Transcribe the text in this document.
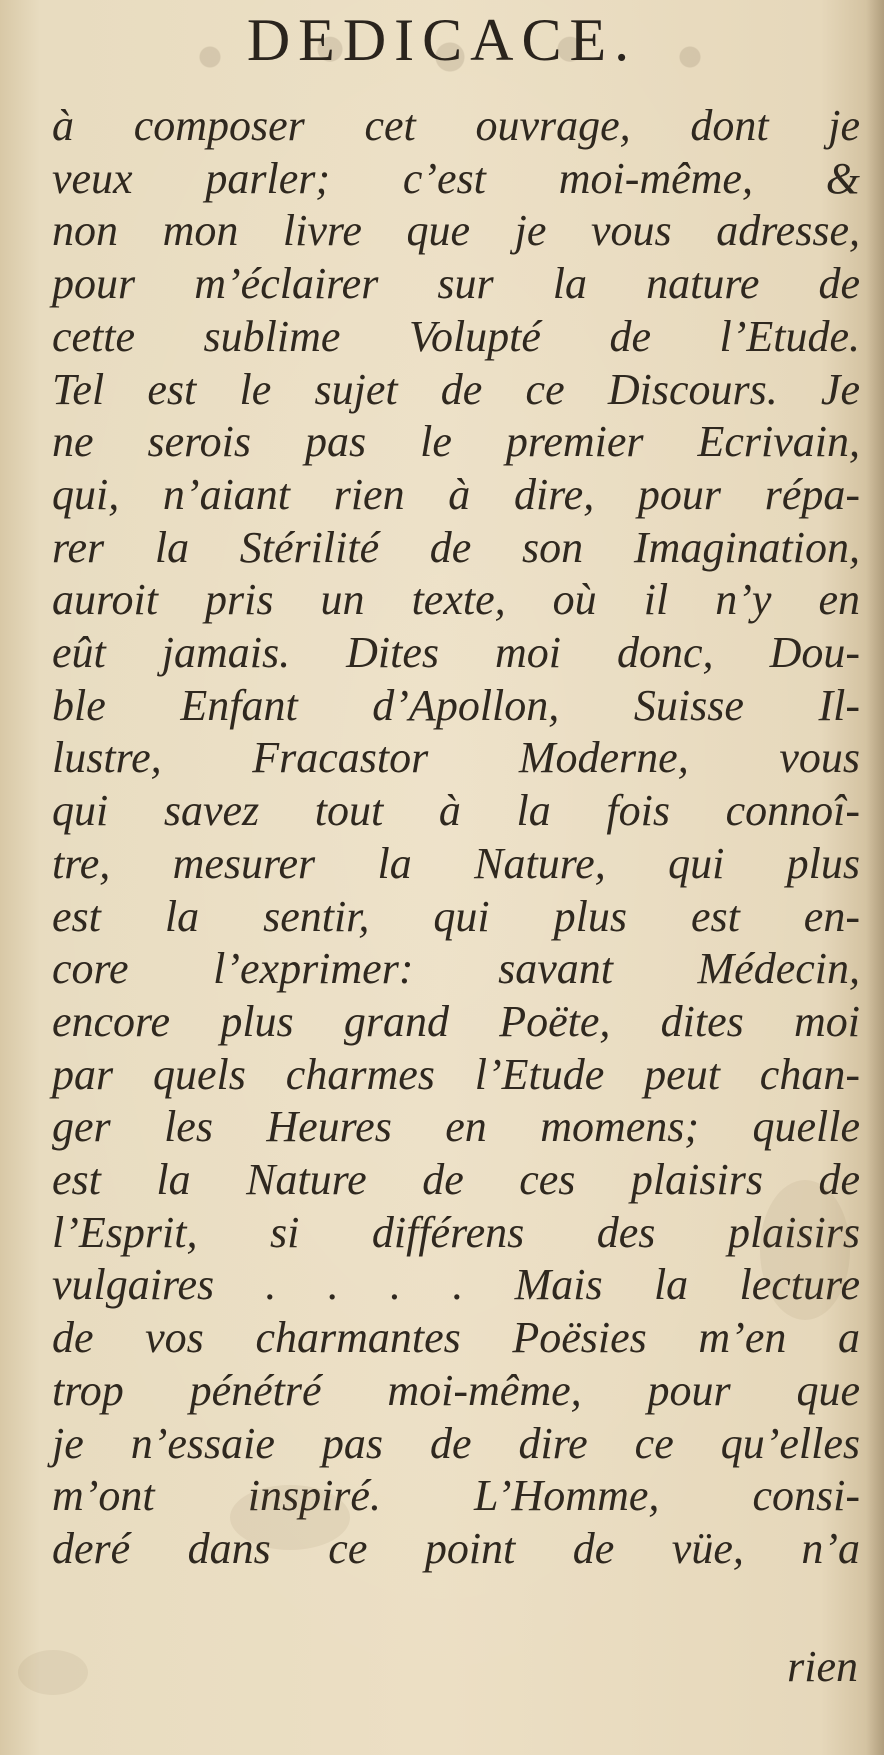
DEDICACE.
à composer cet ouvrage, dont je
veux parler; c’est moi-même, &
non mon livre que je vous adresse,
pour m’éclairer sur la nature de
cette sublime Volupté de l’Etude.
Tel est le sujet de ce Discours. Je
ne serois pas le premier Ecrivain,
qui, n’aiant rien à dire, pour répa-
rer la Stérilité de son Imagination,
auroit pris un texte, où il n’y en
eût jamais. Dites moi donc, Dou-
ble Enfant d’Apollon, Suisse Il-
lustre, Fracastor Moderne, vous
qui savez tout à la fois connoî-
tre, mesurer la Nature, qui plus
est la sentir, qui plus est en-
core l’exprimer: savant Médecin,
encore plus grand Poëte, dites moi
par quels charmes l’Etude peut chan-
ger les Heures en momens; quelle
est la Nature de ces plaisirs de
l’Esprit, si différens des plaisirs
vulgaires . . . . Mais la lecture
de vos charmantes Poësies m’en a
trop pénétré moi-même, pour que
je n’essaie pas de dire ce qu’elles
m’ont inspiré. L’Homme, consi-
deré dans ce point de vüe, n’a
rien
